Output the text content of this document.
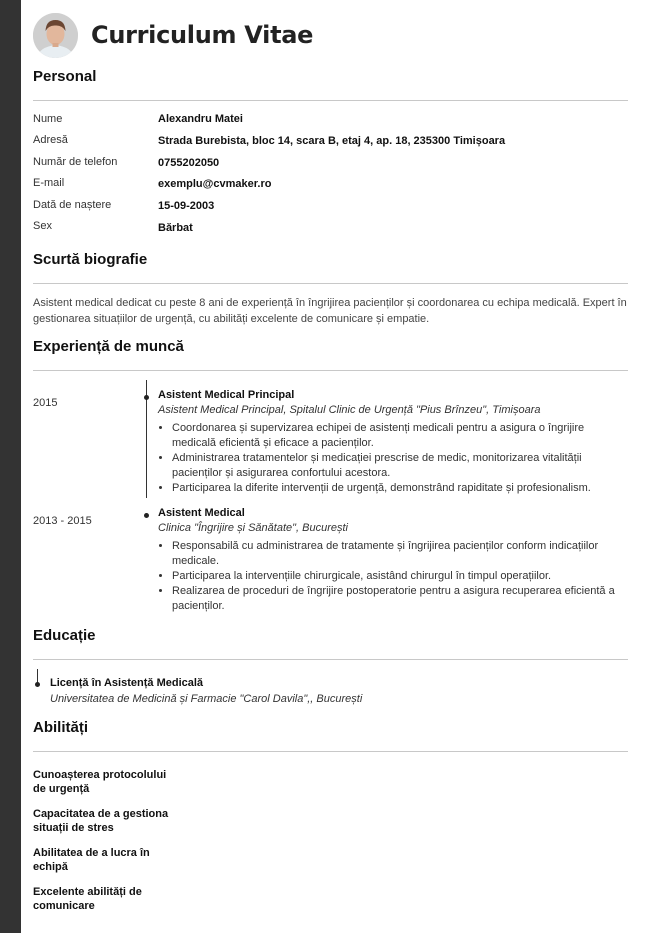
Curriculum Vitae
Personal
Nume	Alexandru Matei
Adresă	Strada Burebista, bloc 14, scara B, etaj 4, ap. 18, 235300 Timișoara
Număr de telefon	0755202050
E-mail	exemplu@cvmaker.ro
Dată de naștere	15-09-2003
Sex	Bărbat
Scurtă biografie
Asistent medical dedicat cu peste 8 ani de experiență în îngrijirea pacienților și coordonarea cu echipa medicală. Expert în gestionarea situațiilor de urgență, cu abilități excelente de comunicare și empatie.
Experiență de muncă
2015
Asistent Medical Principal
Asistent Medical Principal, Spitalul Clinic de Urgență "Pius Brînzeu", Timișoara
• Coordonarea și supervizarea echipei de asistenți medicali pentru a asigura o îngrijire medicală eficientă și eficace a pacienților.
• Administrarea tratamentelor și medicației prescrise de medic, monitorizarea vitalității pacienților și asigurarea confortului acestora.
• Participarea la diferite intervenții de urgență, demonstrând rapiditate și profesionalism.
2013 - 2015
Asistent Medical
Clinica "Îngrijire și Sănătate", București
• Responsabilă cu administrarea de tratamente și îngrijirea pacienților conform indicațiilor medicale.
• Participarea la intervențiile chirurgicale, asistând chirurgul în timpul operațiilor.
• Realizarea de proceduri de îngrijire postoperatorie pentru a asigura recuperarea eficientă a pacienților.
Educație
Licență în Asistență Medicală
Universitatea de Medicină și Farmacie "Carol Davila",, București
Abilități
Cunoașterea protocolului de urgență
Capacitatea de a gestiona situații de stres
Abilitatea de a lucra în echipă
Excelente abilități de comunicare
